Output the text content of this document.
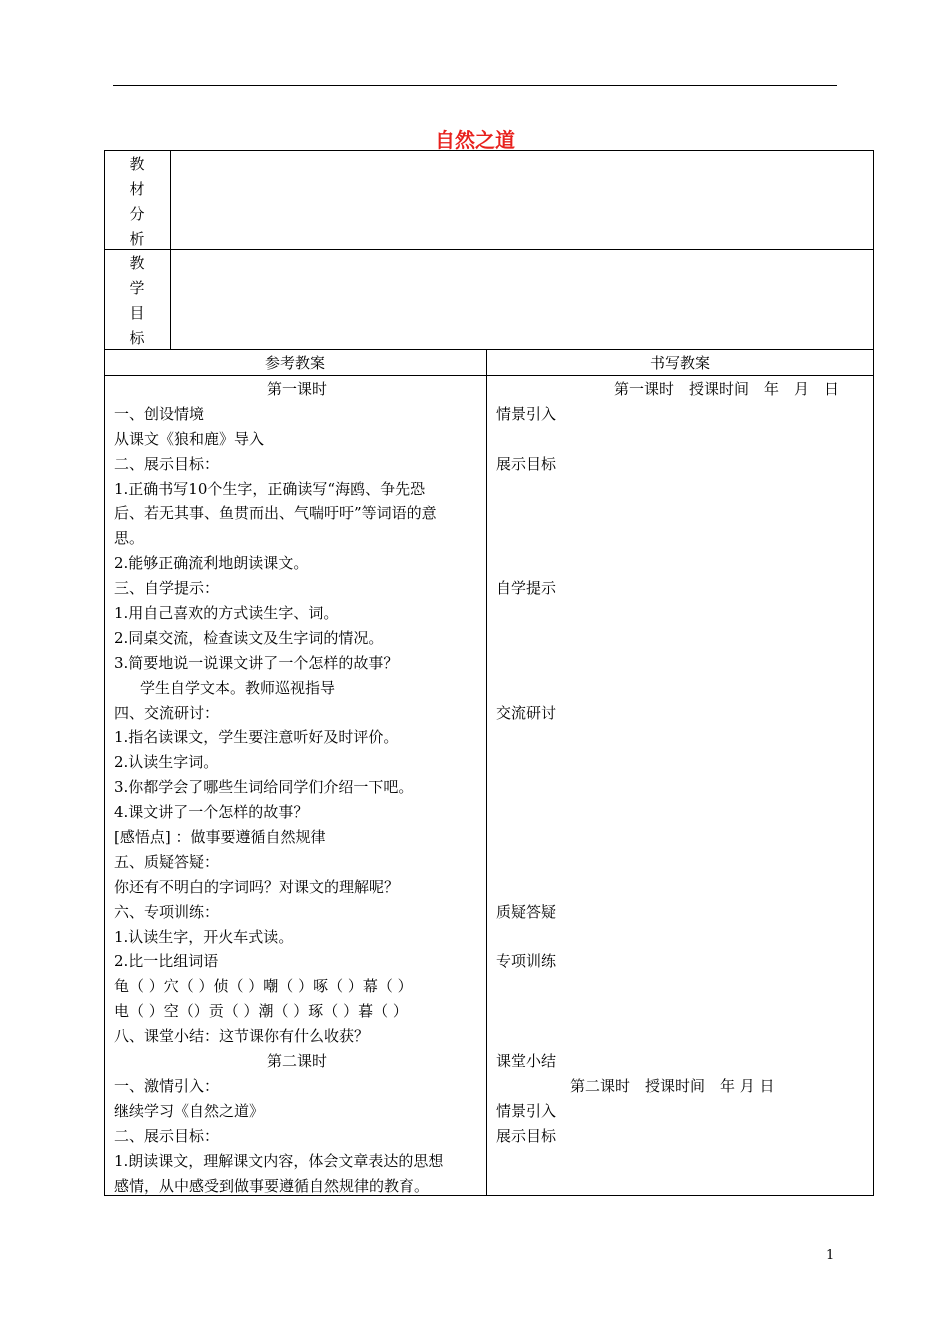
自然之道
教
材
分
析
教
学
目
标
参考教案	书写教案
第一课时
一、创设情境
从课文《狼和鹿》导入
二、展示目标：
1.正确书写10个生字，正确读写“海鸥、争先恐
后、若无其事、鱼贯而出、气喘吁吁”等词语的意
思。
2.能够正确流利地朗读课文。
三、自学提示：
1.用自己喜欢的方式读生字、词。
2.同桌交流，检查读文及生字词的情况。
3.简要地说一说课文讲了一个怎样的故事？
学生自学文本。教师巡视指导
四、交流研讨：
1.指名读课文，学生要注意听好及时评价。
2.认读生字词。
3.你都学会了哪些生词给同学们介绍一下吧。
4.课文讲了一个怎样的故事？
[感悟点] ：做事要遵循自然规律
五、质疑答疑：
你还有不明白的字词吗？对课文的理解呢？
六、专项训练：
1.认读生字，开火车式读。
2.比一比组词语
龟（ ）穴（ ）侦（ ）嘲（ ）啄（ ）幕（ ）
电（ ）空（）贡（ ）潮（ ）琢（ ）暮（ ）
八、课堂小结：这节课你有什么收获？
第二课时
一、激情引入：
继续学习《自然之道》
二、展示目标：
1.朗读课文，理解课文内容，体会文章表达的思想
感情，从中感受到做事要遵循自然规律的教育。
第一课时　授课时间　年　月　日
情景引入
展示目标
自学提示
交流研讨
质疑答疑
专项训练
课堂小结
第二课时　授课时间　年 月 日
情景引入
展示目标
1
